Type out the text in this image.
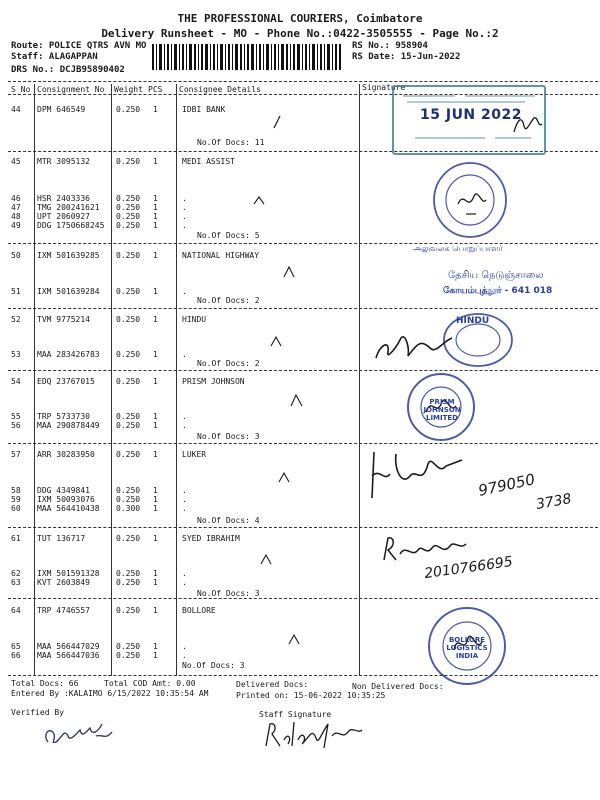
THE PROFESSIONAL COURIERS, Coimbatore
Delivery Runsheet - MO - Phone No.:0422-3505555 - Page No.:2
Route: POLICE QTRS AVN MO
Staff: ALAGAPPAN
DRS No.: DCJB95890402
RS No.: 958904
RS Date: 15-Jun-2022
S No Consignment No Weight PCS Consignee Details	Signature
44 DPM 646549	0.250 1	IDBI BANK
45 MTR 3095132	0.250 1	MEDI ASSIST
46 HSR 2403336	0.250 1	.
47 TMG 200241621 0.250 1	.
48 UPT 2060927	0.250 1	.
49 DDG 1750668245 0.250 1	.
50 IXM 501639285 0.250 1	NATIONAL HIGHWAY
51 IXM 501639284 0.250 1	.
52 TVM 9775214	0.250 1	HINDU
53 MAA 283426783 0.250 1	.
54 EDQ 23767015	0.250 1	PRISM JOHNSON
55 TRP 5733730	0.250 1	.
56 MAA 290878449 0.250 1	.
57 ARR 30283950	0.250 1	LUKER
58 DDG 4349841	0.250 1	.
59 IXM 50093076	0.250 1	.
60 MAA 564410438 0.300 1	.
61 TUT 136717	0.250 1	SYED IBRAHIM
62 IXM 501591328 0.250 1	.
63 KVT 2603849	0.250 1	.
64 TRP 4746557	0.250 1	BOLLORE
65 MAA 566447029 0.250 1	.
66 MAA 566447036 0.250 1	.
No.Of Docs: 11
No.Of Docs: 5
No.Of Docs: 2
No.Of Docs: 2
No.Of Docs: 3
No.Of Docs: 4
No.Of Docs: 3
No.Of Docs: 3
Total Docs: 66	Total COD Amt: 0.00	Delivered Docs:	Non Delivered Docs:
Entered By :KALAIMO 6/15/2022 10:35:54 AM	Printed on: 15-06-2022 10:35:25
Verified By	Staff Signature
15 JUN 2022
அலுவலக பொறுப்பாளர்
தேசிய நெடுஞ்சாலை
கோயம்புத்தூர் - 641 018
HINDU
PRISM JOHNSON LIMITED
979050
3738
2010766695
BOLLORE LOGISTICS INDIA
